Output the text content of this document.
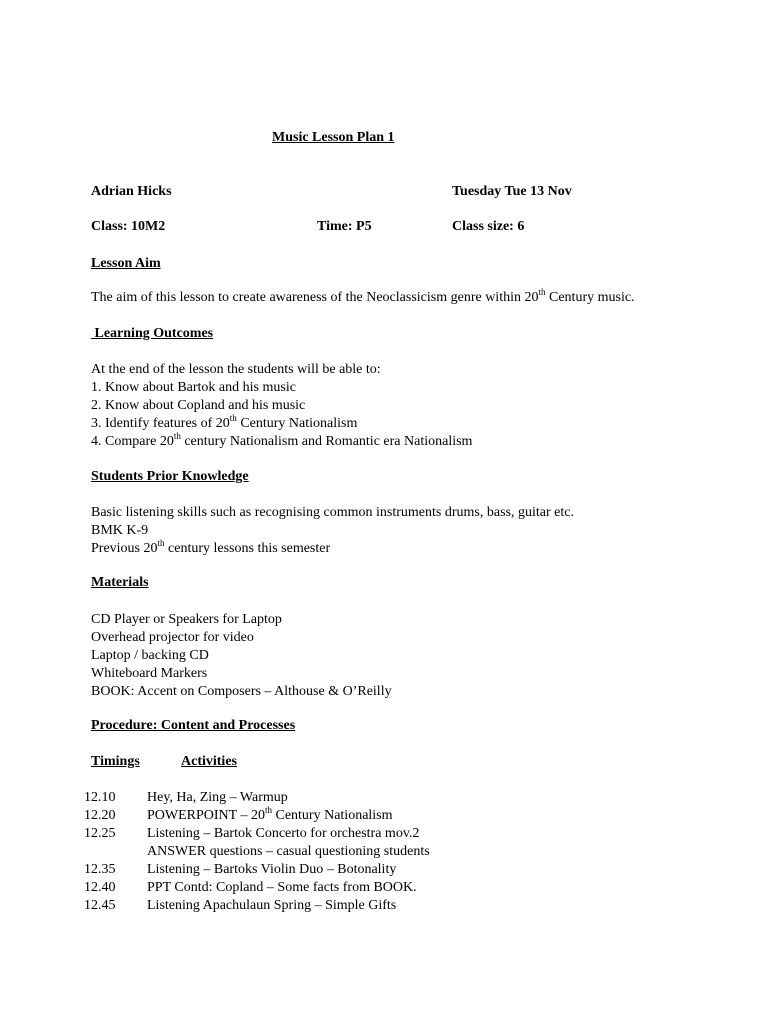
Music Lesson Plan 1
Adrian Hicks	Tuesday Tue 13 Nov
Class: 10M2	Time: P5	Class size: 6
Lesson Aim
The aim of this lesson to create awareness of the Neoclassicism genre within 20th Century music.
Learning Outcomes
At the end of the lesson the students will be able to:
1. Know about Bartok and his music
2. Know about Copland and his music
3. Identify features of 20th Century Nationalism
4. Compare 20th century Nationalism and Romantic era Nationalism
Students Prior Knowledge
Basic listening skills such as recognising common instruments drums, bass, guitar etc.
BMK K-9
Previous 20th century lessons this semester
Materials
CD Player or Speakers for Laptop
Overhead projector for video
Laptop / backing CD
Whiteboard Markers
BOOK: Accent on Composers – Althouse & O’Reilly
Procedure: Content and Processes
Timings	Activities
12.10 Hey, Ha, Zing – Warmup
12.20 POWERPOINT – 20th Century Nationalism
12.25 Listening – Bartok Concerto for orchestra mov.2
ANSWER questions – casual questioning students
12.35 Listening – Bartoks Violin Duo – Botonality
12.40 PPT Contd: Copland – Some facts from BOOK.
12.45 Listening Apachulaun Spring – Simple Gifts
